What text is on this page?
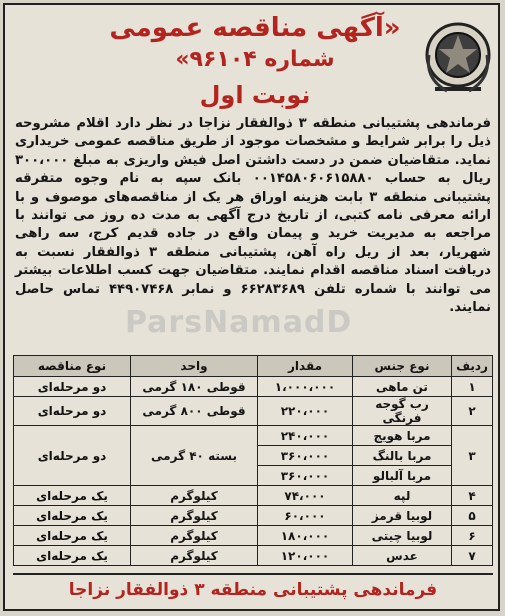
«آگهی مناقصه عمومی
شماره ۹۶۱۰۴»
نوبت اول
ParsNamadD

فرماندهی پشتیبانی منطقه ۳ ذوالفقار نزاجا در نظر دارد اقلام مشروحه ذیل را برابر شرایط و مشخصات موجود از طریق مناقصه عمومی خریداری نماید. متقاضیان ضمن در دست داشتن اصل فیش واریزی به مبلغ ۳۰۰،۰۰۰ ریال به حساب ۰۰۱۴۵۸۰۶۰۶۱۵۸۸۰ بانک سپه به نام وجوه متفرقه پشتیبانی منطقه ۳ بابت هزینه اوراق هر یک از مناقصه‌های موصوف و با ارائه معرفی نامه کتبی، از تاریخ درج آگهی به مدت ده روز می توانند با مراجعه به مدیریت خرید و پیمان واقع در جاده قدیم کرج، سه راهی شهریار، بعد از ریل راه آهن، پشتیبانی منطقه ۳ ذوالفقار نسبت به دریافت اسناد مناقصه اقدام نمایند. متقاضیان جهت کسب اطلاعات بیشتر می توانند با شماره تلفن ۶۶۲۸۳۶۸۹ و نمابر ۴۴۹۰۷۴۶۸ تماس حاصل نمایند.

ردیف	نوع جنس	مقدار	واحد	نوع مناقصه
۱	تن ماهی	۱،۰۰۰،۰۰۰	قوطی ۱۸۰ گرمی	دو مرحله‌ای
۲	رب گوجه فرنگی	۲۲۰،۰۰۰	قوطی ۸۰۰ گرمی	دو مرحله‌ای
۳	مربا هویج	۲۴۰،۰۰۰	بسته ۴۰ گرمی	دو مرحله‌ای
	مربا بالنگ	۳۶۰،۰۰۰		
	مربا آلبالو	۳۶۰،۰۰۰		
۴	لپه	۷۴،۰۰۰	کیلوگرم	یک مرحله‌ای
۵	لوبیا قرمز	۶۰،۰۰۰	کیلوگرم	یک مرحله‌ای
۶	لوبیا چیتی	۱۸۰،۰۰۰	کیلوگرم	یک مرحله‌ای
۷	عدس	۱۲۰،۰۰۰	کیلوگرم	یک مرحله‌ای
فرماندهی پشتیبانی منطقه ۳ ذوالفقار نزاجا
